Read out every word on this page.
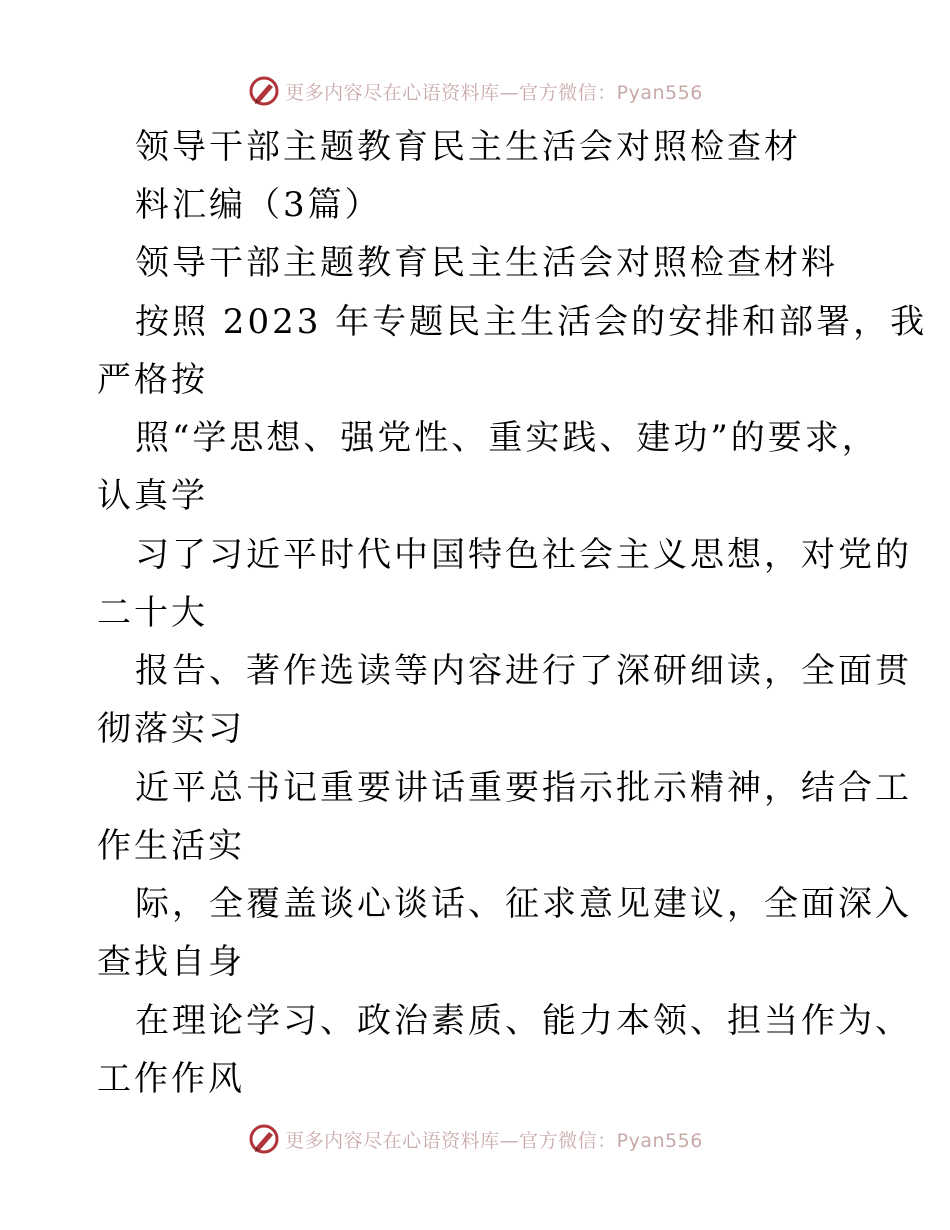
更多内容尽在心语资料库— 官方微信：Pyan556
领导干部主题教育民主生活会对照检查材
料汇编（3篇）
领导干部主题教育民主生活会对照检查材料
按照 2023 年专题民主生活会的安排和部署，我
严格按
照“学思想、强党性、重实践、建功”的要求，
认真学
习了习近平时代中国特色社会主义思想，对党的
二十大
报告、著作选读等内容进行了深研细读，全面贯
彻落实习
近平总书记重要讲话重要指示批示精神，结合工
作生活实
际，全覆盖谈心谈话、征求意见建议，全面深入
查找自身
在理论学习、政治素质、能力本领、担当作为、
工作作风
更多内容尽在心语资料库— 官方微信：Pyan556
